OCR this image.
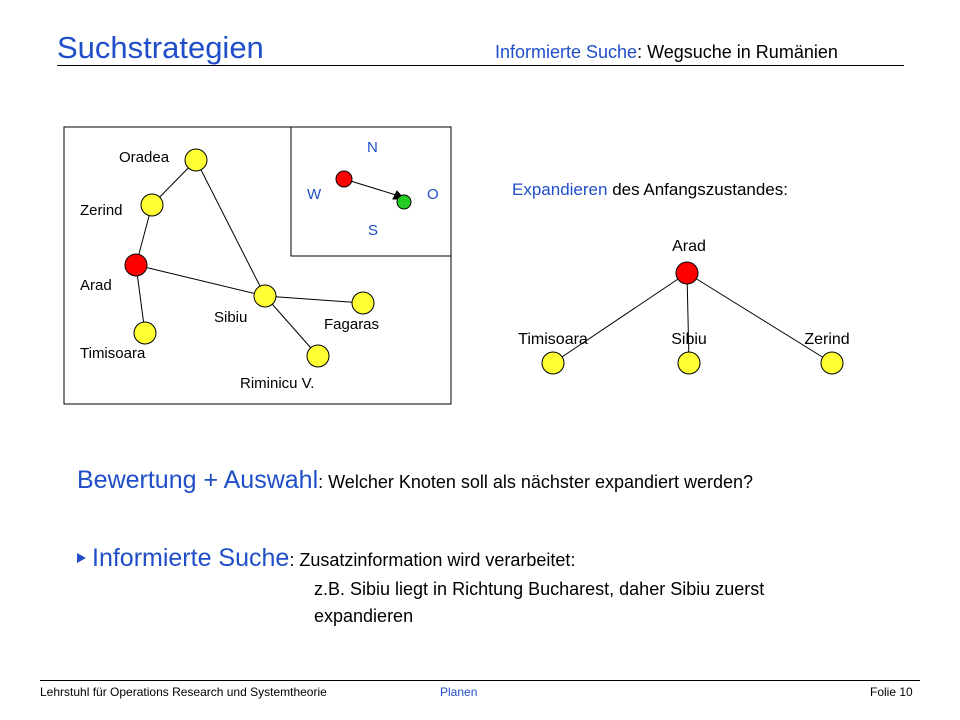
Suchstrategien	Informierte Suche: Wegsuche in Rumänien
Oradea
Zerind
Arad
Timisoara
Sibiu	Fagaras
Riminicu V.
N
W	O
S
Expandieren des Anfangszustandes:
Arad
Timisoara	Sibiu	Zerind
Bewertung + Auswahl: Welcher Knoten soll als nächster expandiert werden?
Informierte Suche: Zusatzinformation wird verarbeitet:
z.B. Sibiu liegt in Richtung Bucharest, daher Sibiu zuerst
expandieren
Lehrstuhl für Operations Research und Systemtheorie	Planen	Folie 10
